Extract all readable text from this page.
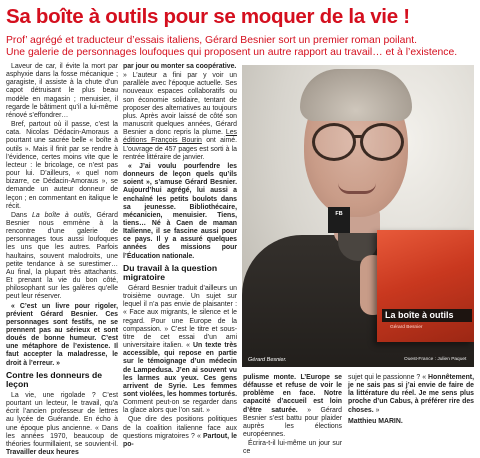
Sa boîte à outils pour se moquer de la vie !
Prof’ agrégé et traducteur d’essais italiens, Gérard Besnier sort un premier roman poilant.
Une galerie de personnages loufoques qui proposent un autre rapport au travail… et à l’existence.

Laveur de car, il évite la mort par asphyxie dans la fosse mécanique ; garagiste, il assiste à la chute d’un capot détruisant le plus beau modèle en magasin ; menuisier, il regarde le bâtiment qu’il a lui-même rénové s’effondrer…

Bref, partout où il passe, c’est la cata. Nicolas Dédacin-Amoraus a pourtant une sacrée belle « boîte à outils ». Mais il finit par se rendre à l’évidence, certes moins vite que le lecteur : le bricolage, ce n’est pas pour lui. D’ailleurs, « quel nom bizarre, ce Dédacin-Amoraus », se demande un auteur donneur de leçon ; en commentant en italique le récit.

Dans La boîte à outils, Gérard Besnier nous emmène à la rencontre d’une galerie de personnages tous aussi loufoques les uns que les autres. Parfois haultains, souvent malodroits, une petite tendance à se surestimer… Au final, la plupart très attachants. Et prenant la vie du bon côté, philosophant sur les galères qu’elle peut leur réserver.

« C’est un livre pour rigoler, prévient Gérard Besnier. Ces personnages sont festifs, ne se prennent pas au sérieux et sont doués de bonne humeur. C’est une métaphore de l’existence. Il faut accepter la maladresse, le droit à l’erreur. »

Contre les donneurs de leçon

La vie, une rigolade ? C’est pourtant un lecteur, le travail, qu’a écrit l’ancien professeur de lettres au lycée de Guérande. En écho à une époque plus ancienne. « Dans les années 1970, beaucoup de théories fourmillaient, se souvient-il. Travailler deux heures

par jour ou monter sa coopérative.

» L’auteur a fini par y voir un parallèle avec l’époque actuelle. Ses nouveaux espaces collaboratifs ou son économie solidaire, tentant de proposer des alternatives au toujours plus. Après avoir laissé de côté son manuscrit quelques années, Gérard Besnier a donc repris la plume. Les éditions François Bourin ont aimé. L’ouvrage de 457 pages est sorti à la rentrée littéraire de janvier.

« J’ai voulu pourfendre les donneurs de leçon quels qu’ils soient », s’amuse Gérard Besnier. Aujourd’hui agrégé, lui aussi a enchaîné les petits boulots dans sa jeunesse. Bibliothécaire, mécanicien, menuisier. Tiens, tiens… Né à Caen de maman Italienne, il se fascine aussi pour ce pays. Il y a assuré quelques années des missions pour l’Éducation nationale.

Du travail à la question migratoire

Gérard Besnier traduit d’ailleurs un troisième ouvrage. Un sujet sur lequel il n’a pas envie de plaisanter : « Face aux migrants, le silence et le regard. Pour une Europe de la compassion. » C’est le titre et sous-titre de cet essai d’un ami universitaire italien. « Un texte très accessible, qui repose en partie sur le témoignage d’un médecin de Lampedusa. J’en ai souvent vu les larmes aux yeux. Ces gens arrivent de Syrie. Les femmes sont violées, les hommes torturés. Comment peut-on se regarder dans la glace alors que l’on sait. »

Que dire des positions politiques de la coalition italienne face aux questions migratoires ? « Partout, le po-

FB
La boîte à outils
Gérard Besnier
Gérard Besnier.	Ouest-France : Julien Paquet

pulisme monte. L’Europe se défausse et refuse de voir le problème en face. Notre capacité d’accueil est loin d’être saturée. » Gérard Besnier s’est battu pour plaider auprès les élections européennes.

Écrira-t-il lui-même un jour sur ce

sujet qui le passionne ? « Honnêtement, je ne sais pas si j’ai envie de faire de la littérature du réel. Je me sens plus proche d’un Cabus, à préférer rire des choses. »

Matthieu MARIN.
